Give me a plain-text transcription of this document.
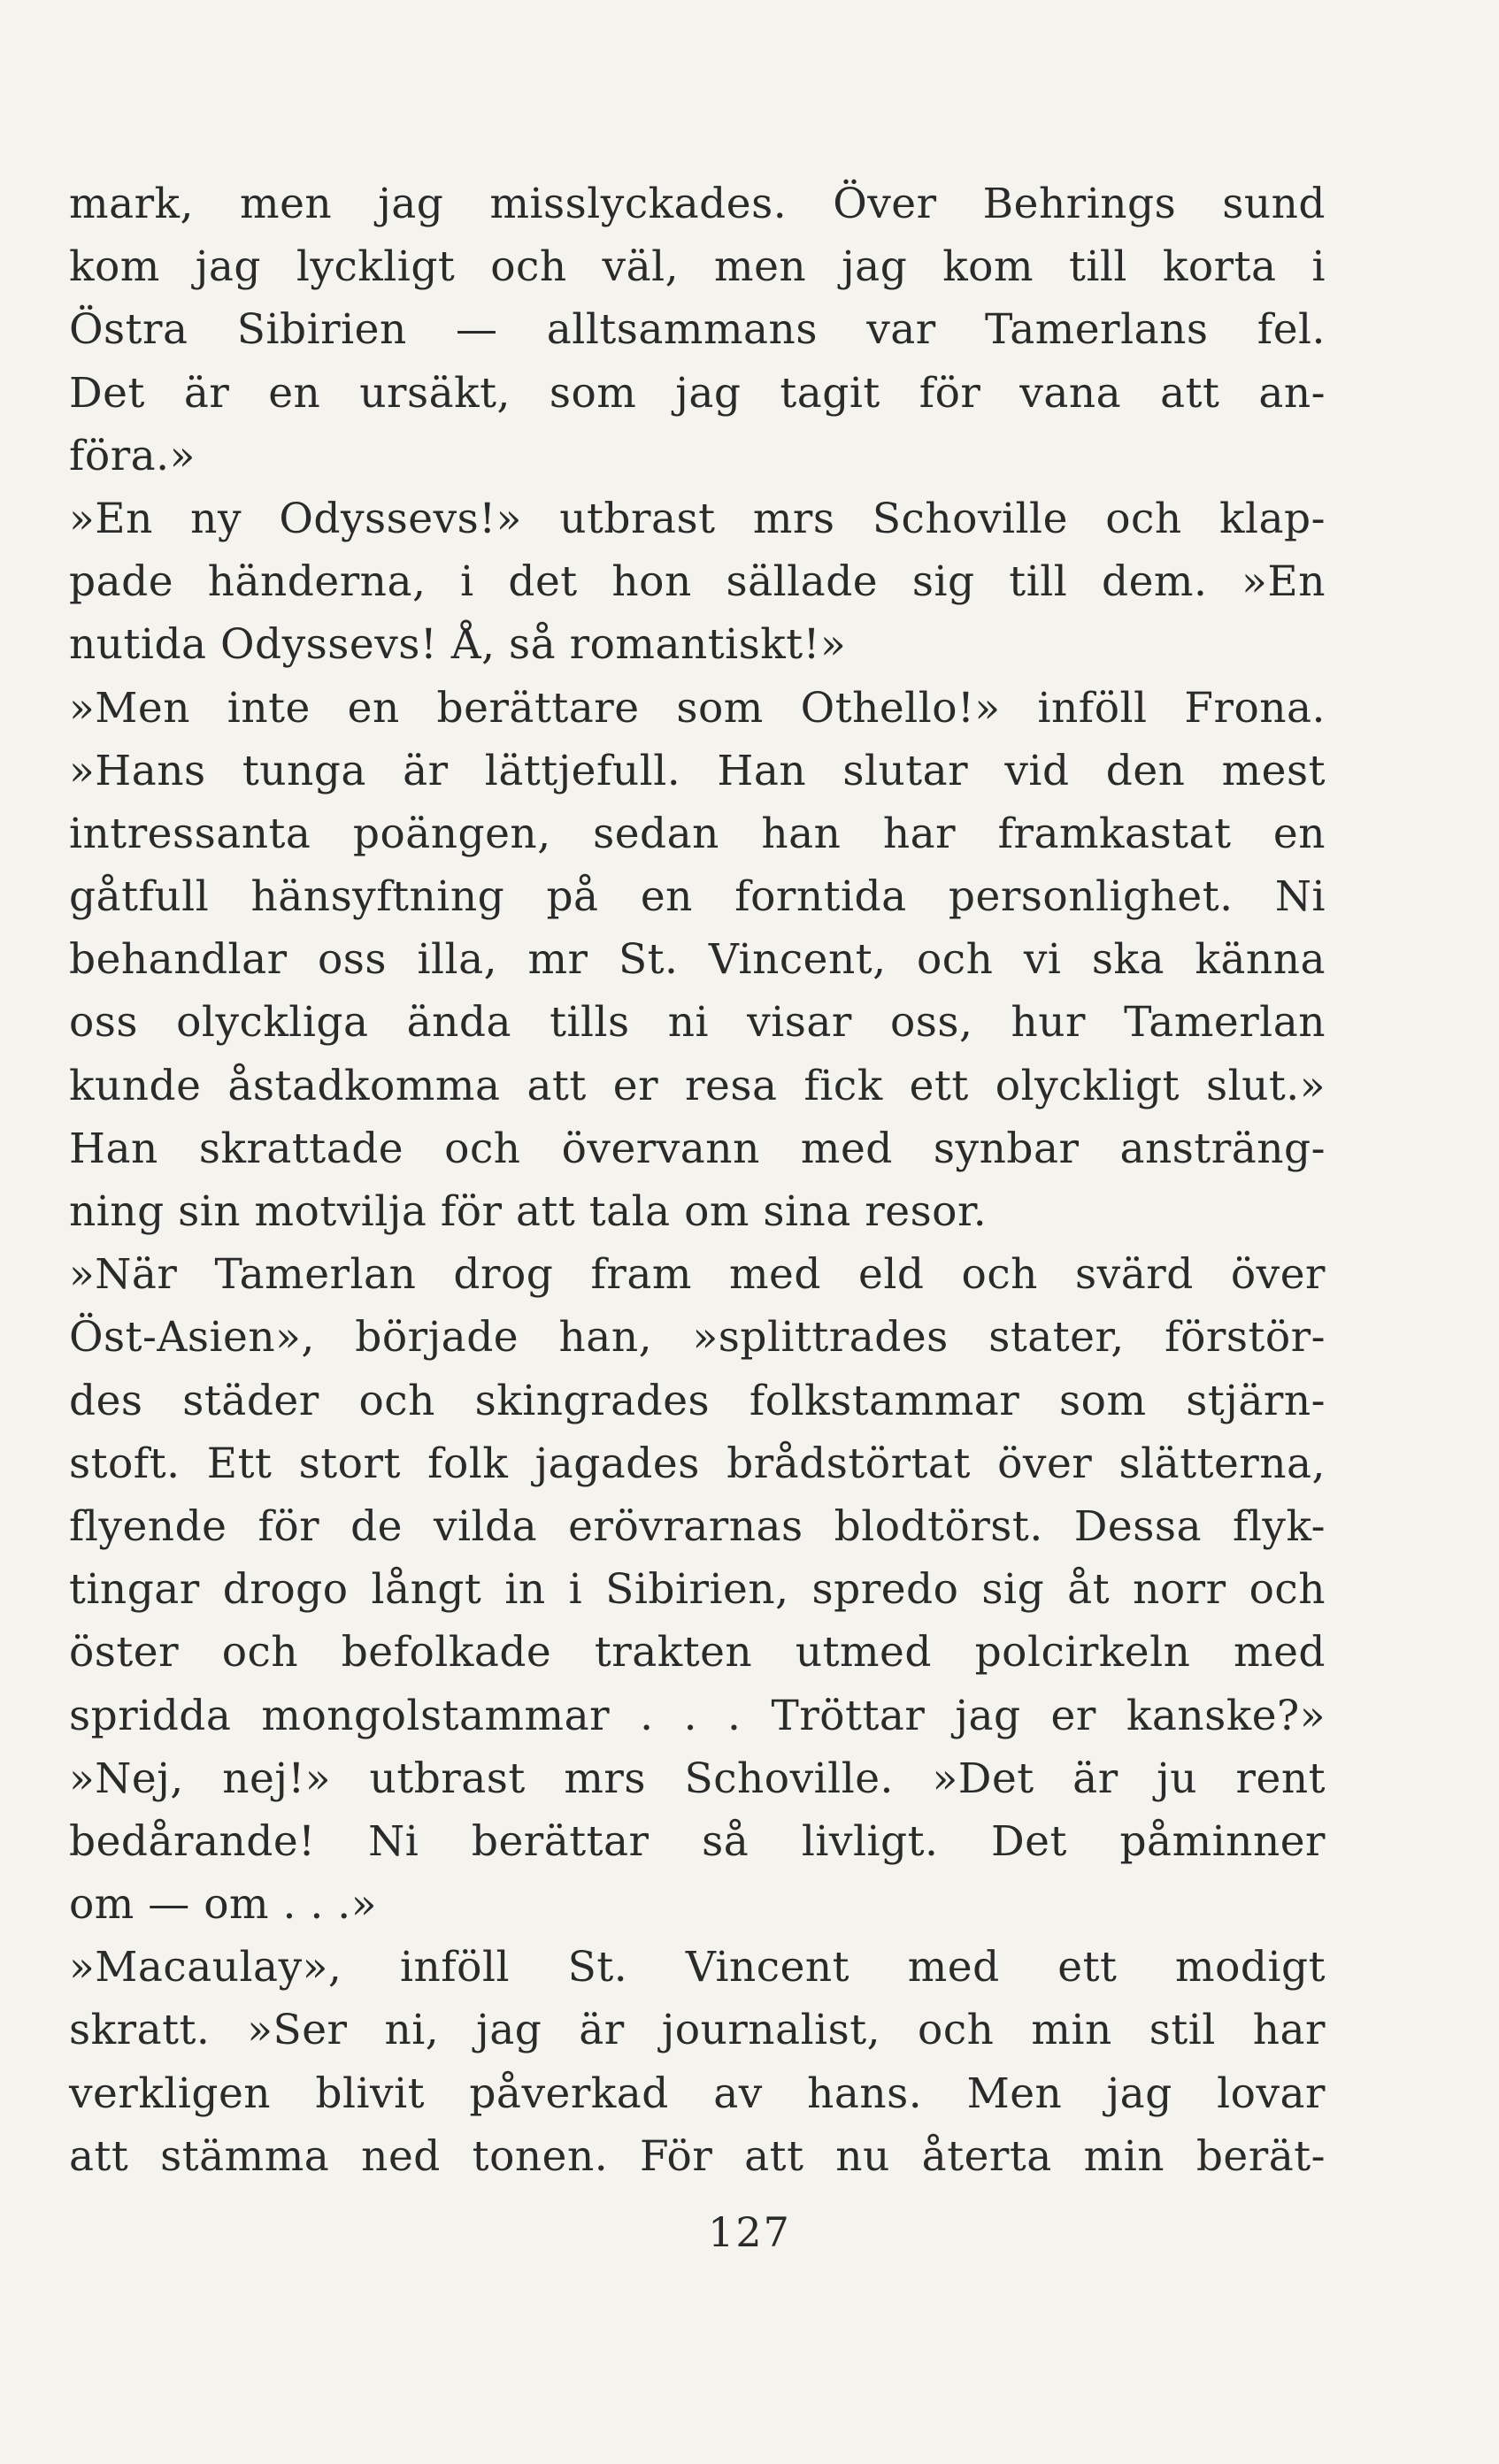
mark, men jag misslyckades. Över Behrings sund
kom jag lyckligt och väl, men jag kom till korta i
Östra Sibirien — alltsammans var Tamerlans fel.
Det är en ursäkt, som jag tagit för vana att an-
föra.»
»En ny Odyssevs!» utbrast mrs Schoville och klap-
pade händerna, i det hon sällade sig till dem. »En
nutida Odyssevs! Å, så romantiskt!»
»Men inte en berättare som Othello!» inföll Frona.
»Hans tunga är lättjefull. Han slutar vid den mest
intressanta poängen, sedan han har framkastat en
gåtfull hänsyftning på en forntida personlighet. Ni
behandlar oss illa, mr St. Vincent, och vi ska känna
oss olyckliga ända tills ni visar oss, hur Tamerlan
kunde åstadkomma att er resa fick ett olyckligt slut.»
Han skrattade och övervann med synbar ansträng-
ning sin motvilja för att tala om sina resor.
»När Tamerlan drog fram med eld och svärd över
Öst-Asien», började han, »splittrades stater, förstör-
des städer och skingrades folkstammar som stjärn-
stoft. Ett stort folk jagades brådstörtat över slätterna,
flyende för de vilda erövrarnas blodtörst. Dessa flyk-
tingar drogo långt in i Sibirien, spredo sig åt norr och
öster och befolkade trakten utmed polcirkeln med
spridda mongolstammar . . . Tröttar jag er kanske?»
»Nej, nej!» utbrast mrs Schoville. »Det är ju rent
bedårande! Ni berättar så livligt. Det påminner
om — om . . .»
»Macaulay», inföll St. Vincent med ett modigt
skratt. »Ser ni, jag är journalist, och min stil har
verkligen blivit påverkad av hans. Men jag lovar
att stämma ned tonen. För att nu återta min berät-
127
